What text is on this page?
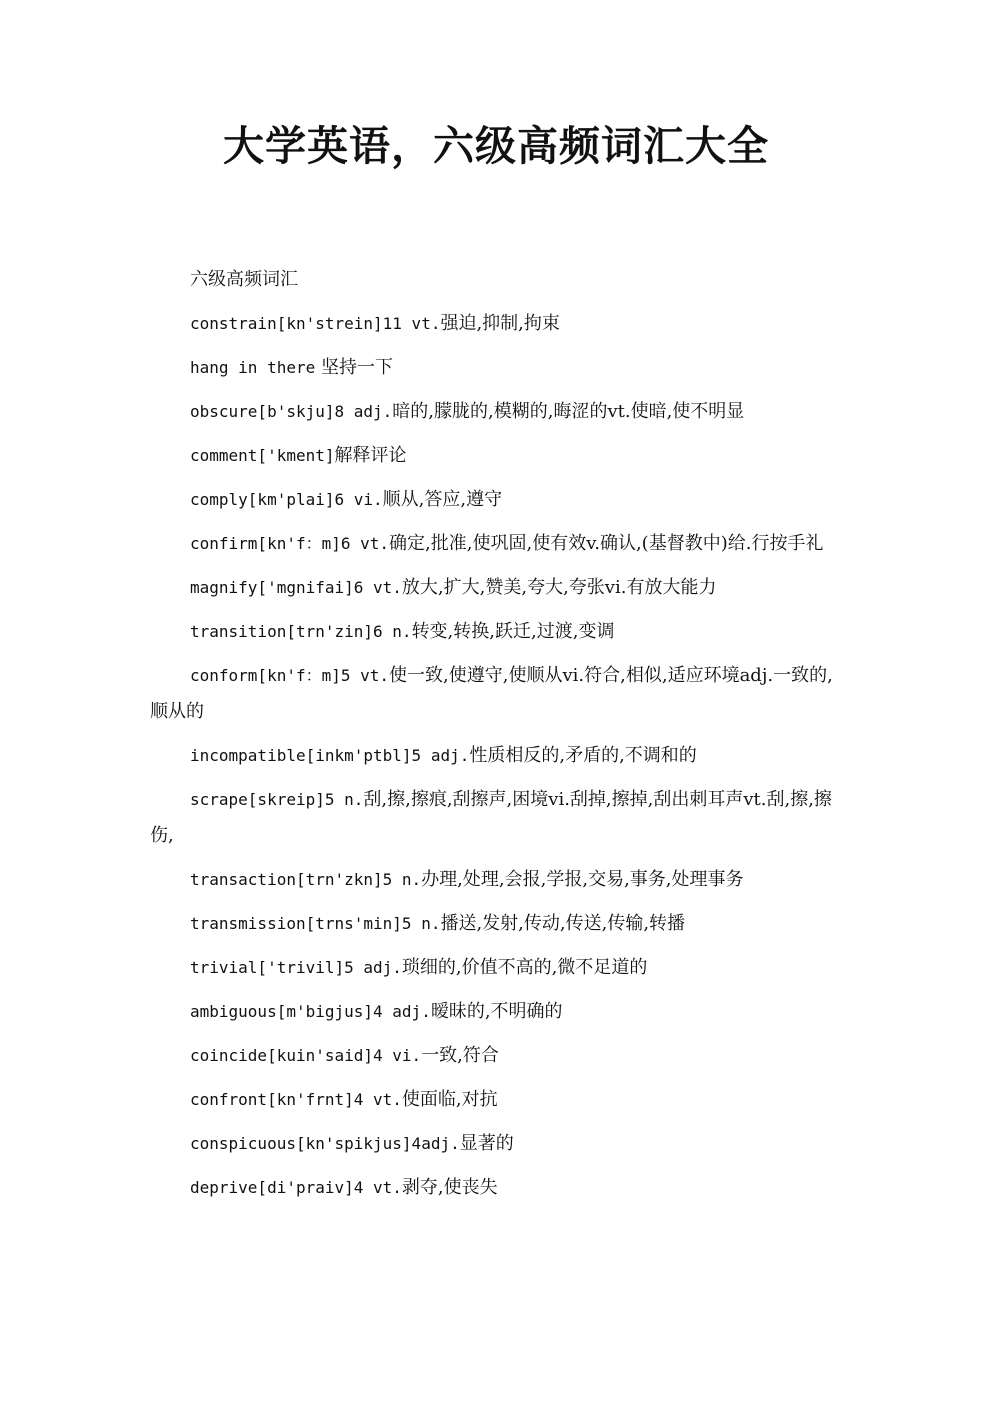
大学英语，六级高频词汇大全

六级高频词汇

constrain[kn'strein]11 vt.强迫,抑制,拘束
hang in there 坚持一下
obscure[b'skju]8 adj.暗的,朦胧的,模糊的,晦涩的vt.使暗,使不明显
comment['kment]解释评论
comply[km'plai]6 vi.顺从,答应,遵守
confirm[kn'f：m]6 vt.确定,批准,使巩固,使有效v.确认,(基督教中)给.行按手礼
magnify['mgnifai]6 vt.放大,扩大,赞美,夸大,夸张vi.有放大能力
transition[trn'zin]6 n.转变,转换,跃迁,过渡,变调
conform[kn'f：m]5 vt.使一致,使遵守,使顺从vi.符合,相似,适应环境adj.一致的,顺从的
incompatible[inkm'ptbl]5 adj.性质相反的,矛盾的,不调和的
scrape[skreip]5 n.刮,擦,擦痕,刮擦声,困境vi.刮掉,擦掉,刮出刺耳声vt.刮,擦,擦伤,
transaction[trn'zkn]5 n.办理,处理,会报,学报,交易,事务,处理事务
transmission[trns'min]5 n.播送,发射,传动,传送,传输,转播
trivial['trivil]5 adj.琐细的,价值不高的,微不足道的
ambiguous[m'bigjus]4 adj.暧昧的,不明确的
coincide[kuin'said]4 vi.一致,符合
confront[kn'frnt]4 vt.使面临,对抗
conspicuous[kn'spikjus]4adj.显著的
deprive[di'praiv]4 vt.剥夺,使丧失
